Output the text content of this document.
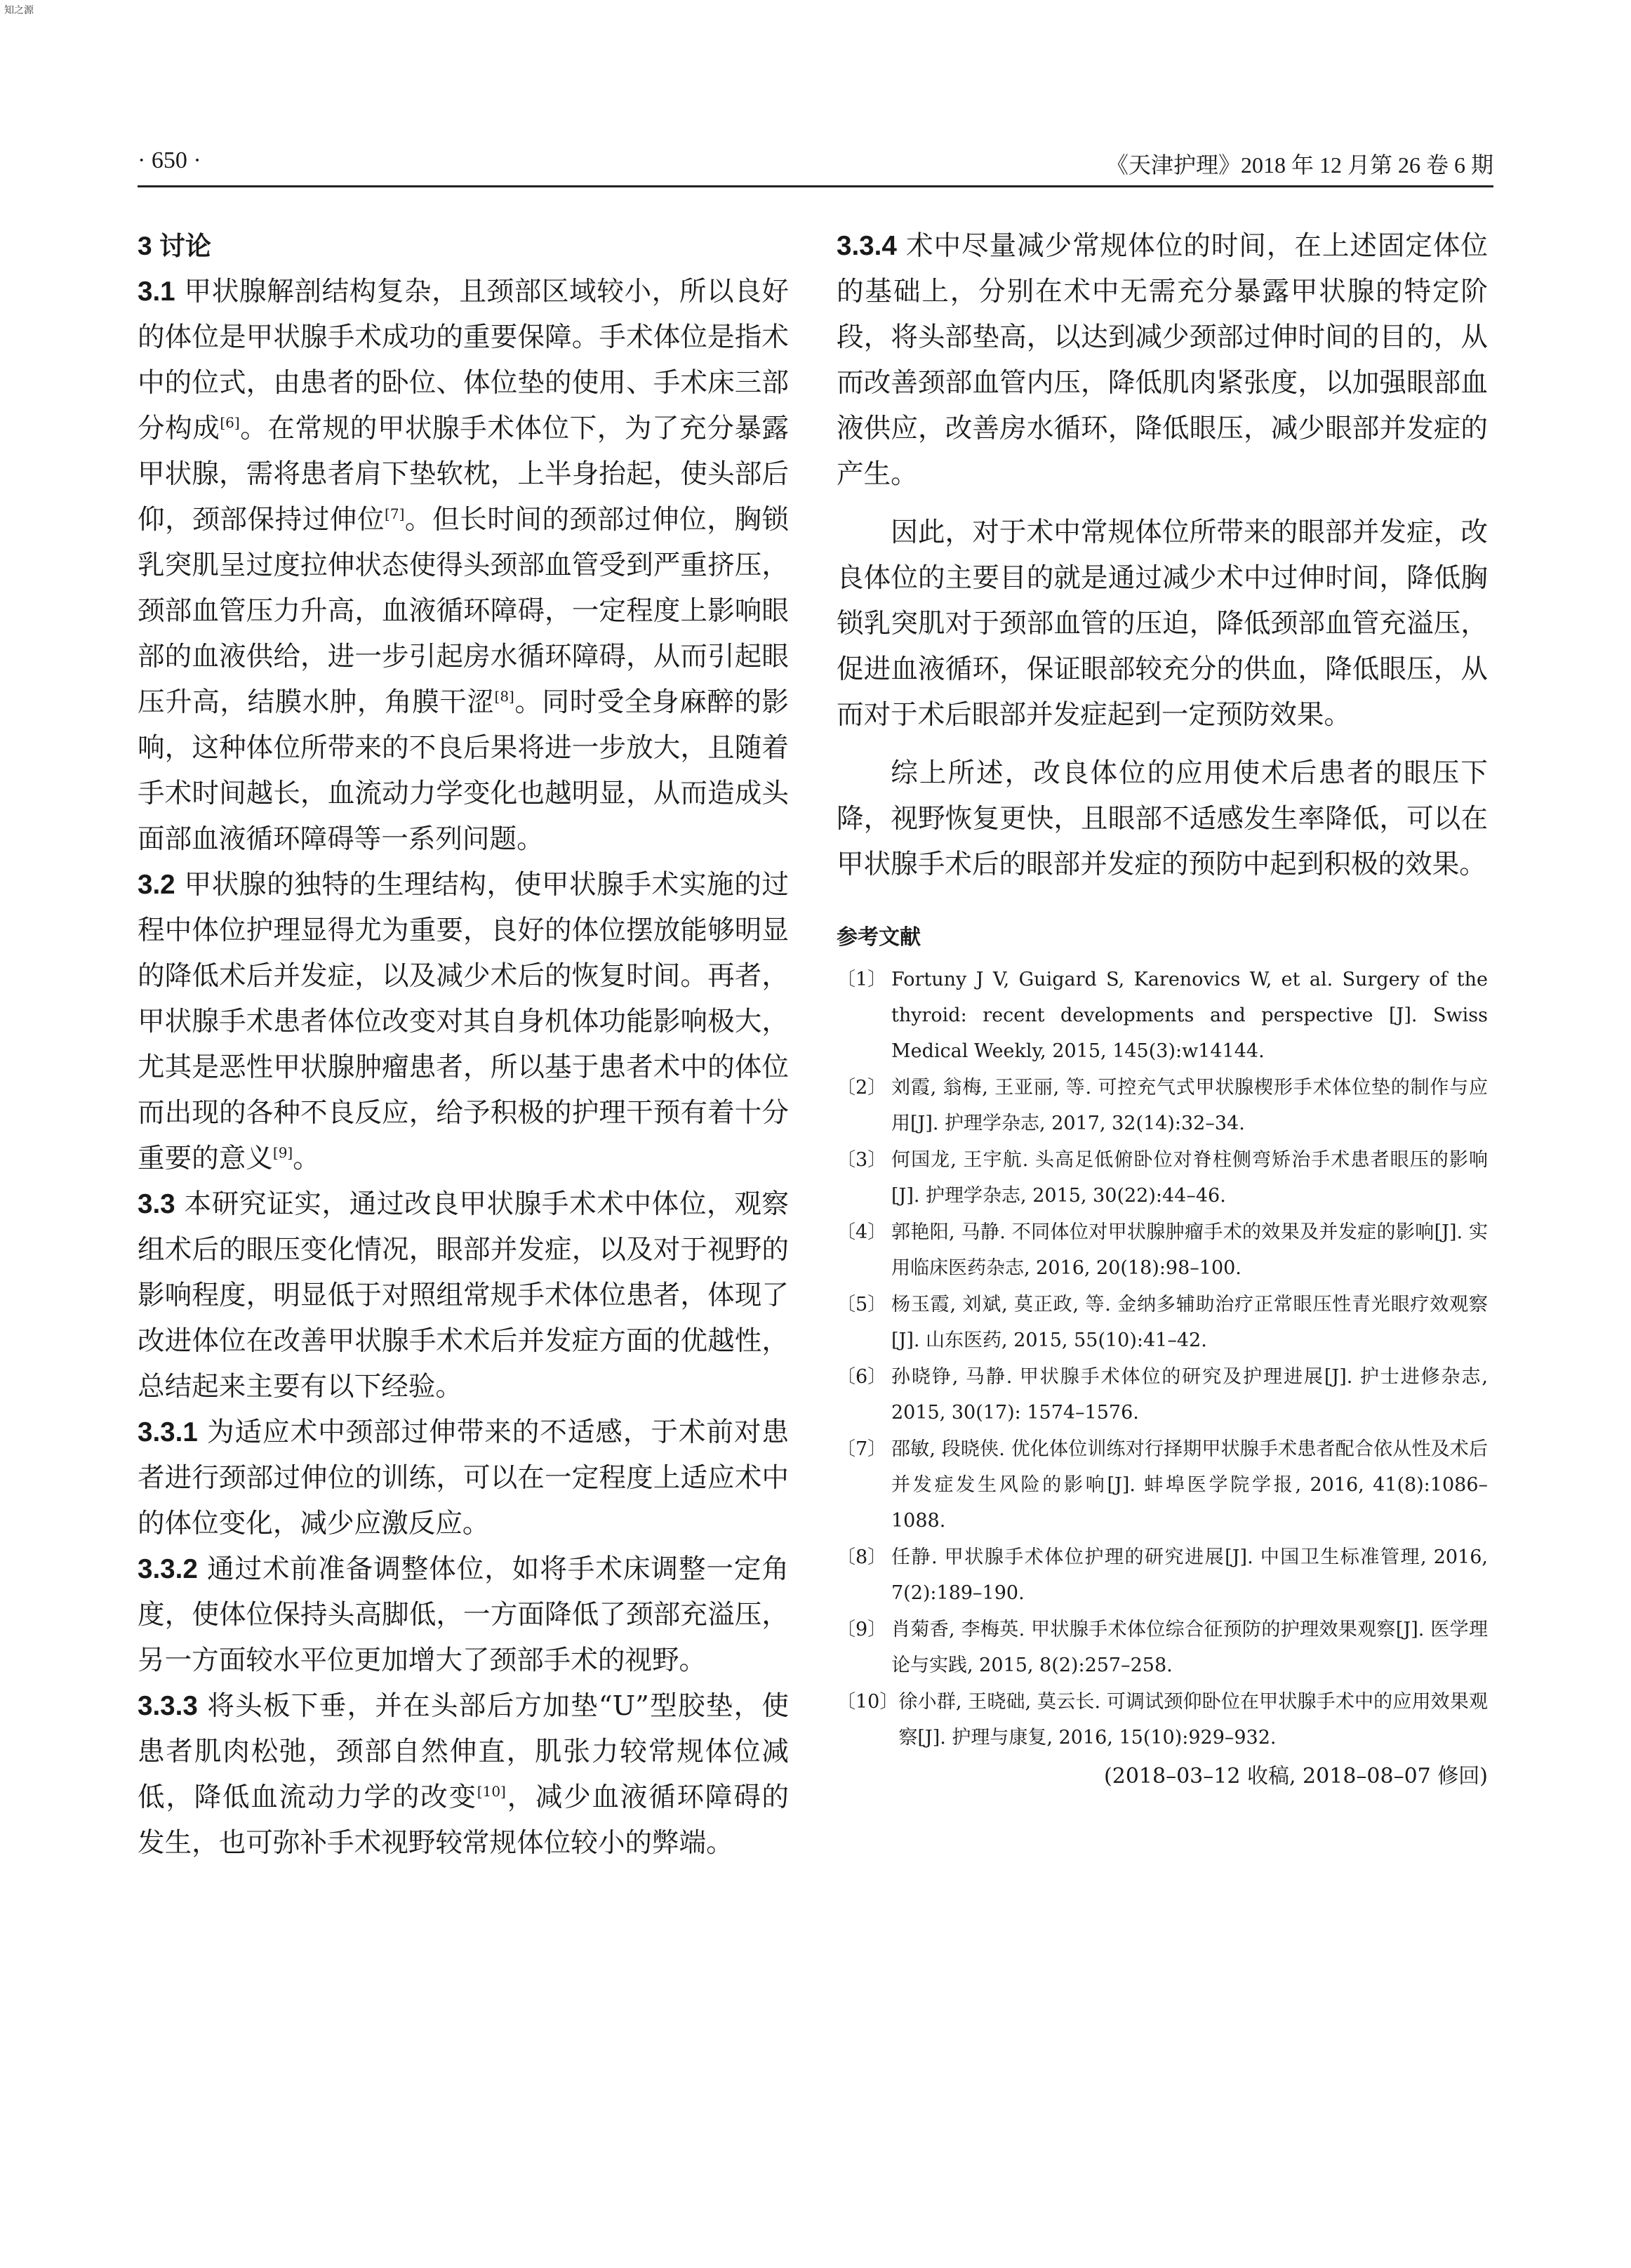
知之源
· 650 ·	《天津护理》2018 年 12 月第 26 卷 6 期

3 讨论

3.1 甲状腺解剖结构复杂，且颈部区域较小，所以良好的体位是甲状腺手术成功的重要保障。手术体位是指术中的位式，由患者的卧位、体位垫的使用、手术床三部分构成[6]。在常规的甲状腺手术体位下，为了充分暴露甲状腺，需将患者肩下垫软枕，上半身抬起，使头部后仰，颈部保持过伸位[7]。但长时间的颈部过伸位，胸锁乳突肌呈过度拉伸状态使得头颈部血管受到严重挤压，颈部血管压力升高，血液循环障碍，一定程度上影响眼部的血液供给，进一步引起房水循环障碍，从而引起眼压升高，结膜水肿，角膜干涩[8]。同时受全身麻醉的影响，这种体位所带来的不良后果将进一步放大，且随着手术时间越长，血流动力学变化也越明显，从而造成头面部血液循环障碍等一系列问题。

3.2 甲状腺的独特的生理结构，使甲状腺手术实施的过程中体位护理显得尤为重要，良好的体位摆放能够明显的降低术后并发症，以及减少术后的恢复时间。再者，甲状腺手术患者体位改变对其自身机体功能影响极大，尤其是恶性甲状腺肿瘤患者，所以基于患者术中的体位而出现的各种不良反应，给予积极的护理干预有着十分重要的意义[9]。

3.3 本研究证实，通过改良甲状腺手术术中体位，观察组术后的眼压变化情况，眼部并发症，以及对于视野的影响程度，明显低于对照组常规手术体位患者，体现了改进体位在改善甲状腺手术术后并发症方面的优越性，总结起来主要有以下经验。

3.3.1 为适应术中颈部过伸带来的不适感，于术前对患者进行颈部过伸位的训练，可以在一定程度上适应术中的体位变化，减少应激反应。

3.3.2 通过术前准备调整体位，如将手术床调整一定角度，使体位保持头高脚低，一方面降低了颈部充溢压，另一方面较水平位更加增大了颈部手术的视野。

3.3.3 将头板下垂，并在头部后方加垫“U”型胶垫，使患者肌肉松弛，颈部自然伸直，肌张力较常规体位减低，降低血流动力学的改变[10]，减少血液循环障碍的发生，也可弥补手术视野较常规体位较小的弊端。

3.3.4 术中尽量减少常规体位的时间，在上述固定体位的基础上，分别在术中无需充分暴露甲状腺的特定阶段，将头部垫高，以达到减少颈部过伸时间的目的，从而改善颈部血管内压，降低肌肉紧张度，以加强眼部血液供应，改善房水循环，降低眼压，减少眼部并发症的产生。

因此，对于术中常规体位所带来的眼部并发症，改良体位的主要目的就是通过减少术中过伸时间，降低胸锁乳突肌对于颈部血管的压迫，降低颈部血管充溢压，促进血液循环，保证眼部较充分的供血，降低眼压，从而对于术后眼部并发症起到一定预防效果。

综上所述，改良体位的应用使术后患者的眼压下降，视野恢复更快，且眼部不适感发生率降低，可以在甲状腺手术后的眼部并发症的预防中起到积极的效果。

参考文献
〔1〕 Fortuny J V, Guigard S, Karenovics W, et al. Surgery of the thyroid: recent developments and perspective [J]. Swiss Medical Weekly, 2015, 145(3):w14144.
〔2〕 刘霞, 翁梅, 王亚丽, 等. 可控充气式甲状腺楔形手术体位垫的制作与应用[J]. 护理学杂志, 2017, 32(14):32–34.
〔3〕 何国龙, 王宇航. 头高足低俯卧位对脊柱侧弯矫治手术患者眼压的影响[J]. 护理学杂志, 2015, 30(22):44–46.
〔4〕 郭艳阳, 马静. 不同体位对甲状腺肿瘤手术的效果及并发症的影响[J]. 实用临床医药杂志, 2016, 20(18):98–100.
〔5〕 杨玉霞, 刘斌, 莫正政, 等. 金纳多辅助治疗正常眼压性青光眼疗效观察[J]. 山东医药, 2015, 55(10):41–42.
〔6〕 孙晓铮, 马静. 甲状腺手术体位的研究及护理进展[J]. 护士进修杂志, 2015, 30(17): 1574–1576.
〔7〕 邵敏, 段晓侠. 优化体位训练对行择期甲状腺手术患者配合依从性及术后并发症发生风险的影响[J]. 蚌埠医学院学报, 2016, 41(8):1086–1088.
〔8〕 任静. 甲状腺手术体位护理的研究进展[J]. 中国卫生标准管理, 2016, 7(2):189–190.
〔9〕 肖菊香, 李梅英. 甲状腺手术体位综合征预防的护理效果观察[J]. 医学理论与实践, 2015, 8(2):257–258.
〔10〕 徐小群, 王晓础, 莫云长. 可调试颈仰卧位在甲状腺手术中的应用效果观察[J]. 护理与康复, 2016, 15(10):929–932.
(2018–03–12 收稿, 2018–08–07 修回)
